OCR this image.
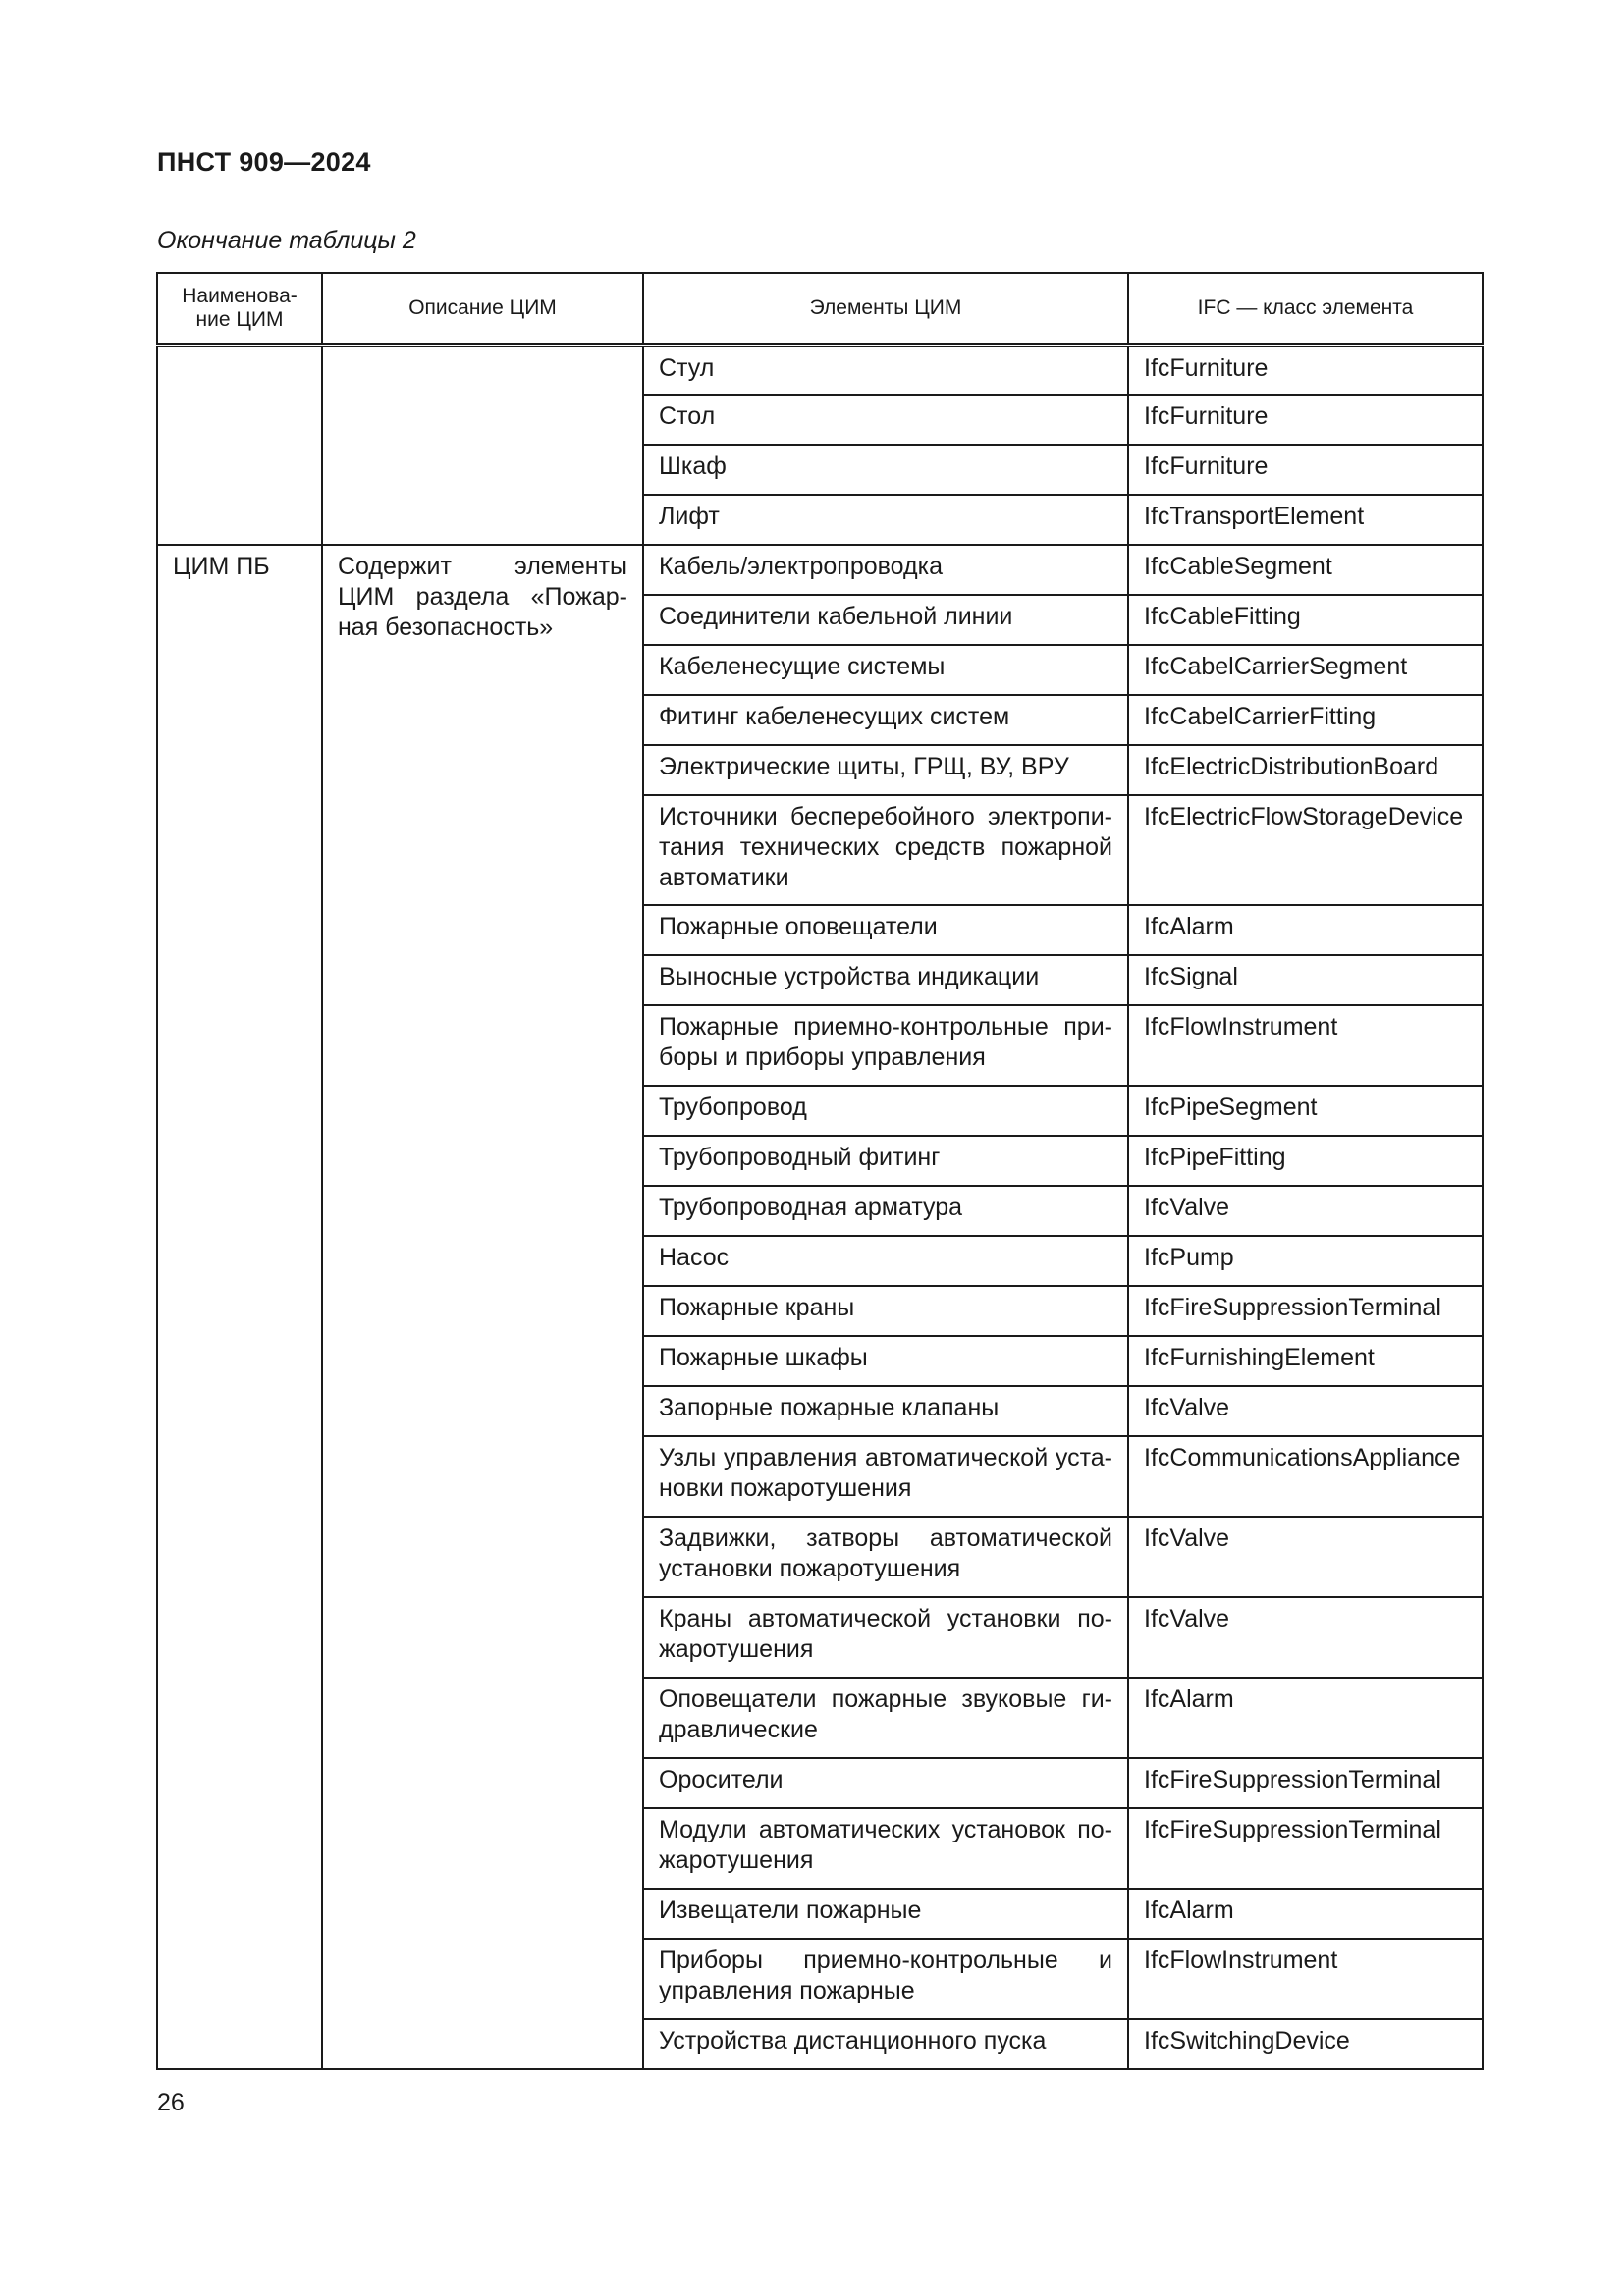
ПНСТ 909—2024
Окончание таблицы 2
Наименова-
ние ЦИМ	Описание ЦИМ	Элементы ЦИМ	IFC — класс элемента
		Стул	IfcFurniture
		Стол	IfcFurniture
		Шкаф	IfcFurniture
		Лифт	IfcTransportElement
ЦИМ ПБ	Содержит элементы ЦИМ раздела «Пожар-ная безопасность»	Кабель/электропроводка	IfcCableSegment
		Соединители кабельной линии	IfcCableFitting
		Кабеленесущие системы	IfcCabelCarrierSegment
		Фитинг кабеленесущих систем	IfcCabelCarrierFitting
		Электрические щиты, ГРЩ, ВУ, ВРУ	IfcElectricDistributionBoard
		Источники бесперебойного электропи-тания технических средств пожарной автоматики	IfcElectricFlowStorageDevice
		Пожарные оповещатели	IfcAlarm
		Выносные устройства индикации	IfcSignal
		Пожарные приемно-контрольные при-боры и приборы управления	IfcFlowInstrument
		Трубопровод	IfcPipeSegment
		Трубопроводный фитинг	IfcPipeFitting
		Трубопроводная арматура	IfcValve
		Насос	IfcPump
		Пожарные краны	IfcFireSuppressionTerminal
		Пожарные шкафы	IfcFurnishingElement
		Запорные пожарные клапаны	IfcValve
		Узлы управления автоматической уста-новки пожаротушения	IfcCommunicationsAppliance
		Задвижки, затворы автоматической установки пожаротушения	IfcValve
		Краны автоматической установки по-жаротушения	IfcValve
		Оповещатели пожарные звуковые ги-дравлические	IfcAlarm
		Оросители	IfcFireSuppressionTerminal
		Модули автоматических установок по-жаротушения	IfcFireSuppressionTerminal
		Извещатели пожарные	IfcAlarm
		Приборы приемно-контрольные и управления пожарные	IfcFlowInstrument
		Устройства дистанционного пуска	IfcSwitchingDevice
26
